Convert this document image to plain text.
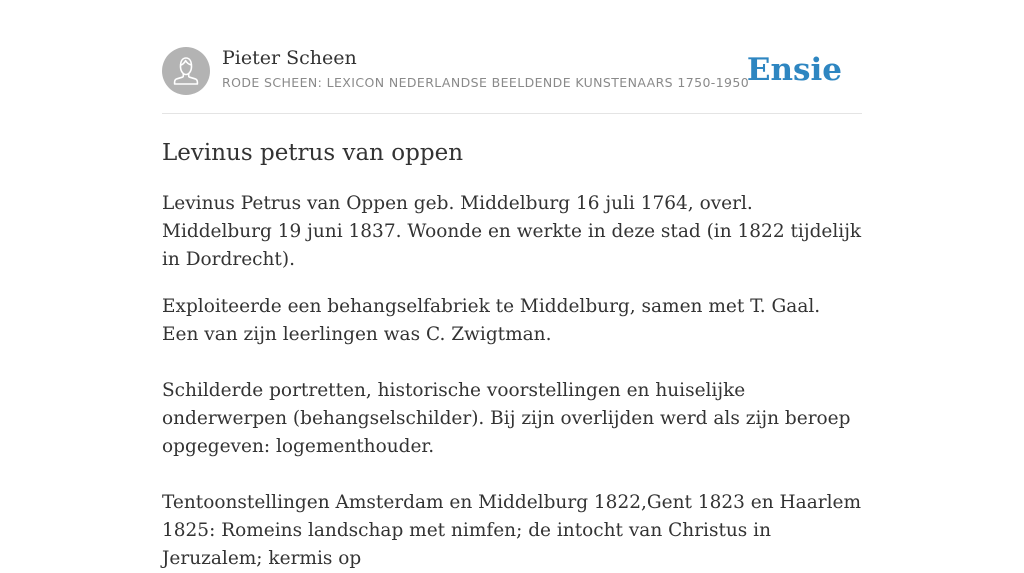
Pieter Scheen
RODE SCHEEN: LEXICON NEDERLANDSE BEELDENDE KUNSTENAARS 1750-1950
Ensie
Levinus petrus van oppen

Levinus Petrus van Oppen geb. Middelburg 16 juli 1764, overl. Middelburg 19 juni 1837. Woonde en werkte in deze stad (in 1822 tijdelijk in Dordrecht).

Exploiteerde een behangselfabriek te Middelburg, samen met T. Gaal. Een van zijn leerlingen was C. Zwigtman.

Schilderde portretten, historische voorstellingen en huiselijke onderwerpen (behangselschilder). Bij zijn overlijden werd als zijn beroep opgegeven: logementhouder.

Tentoonstellingen Amsterdam en Middelburg 1822,Gent 1823 en Haarlem 1825: Romeins landschap met nimfen; de intocht van Christus in Jeruzalem; kermis op
